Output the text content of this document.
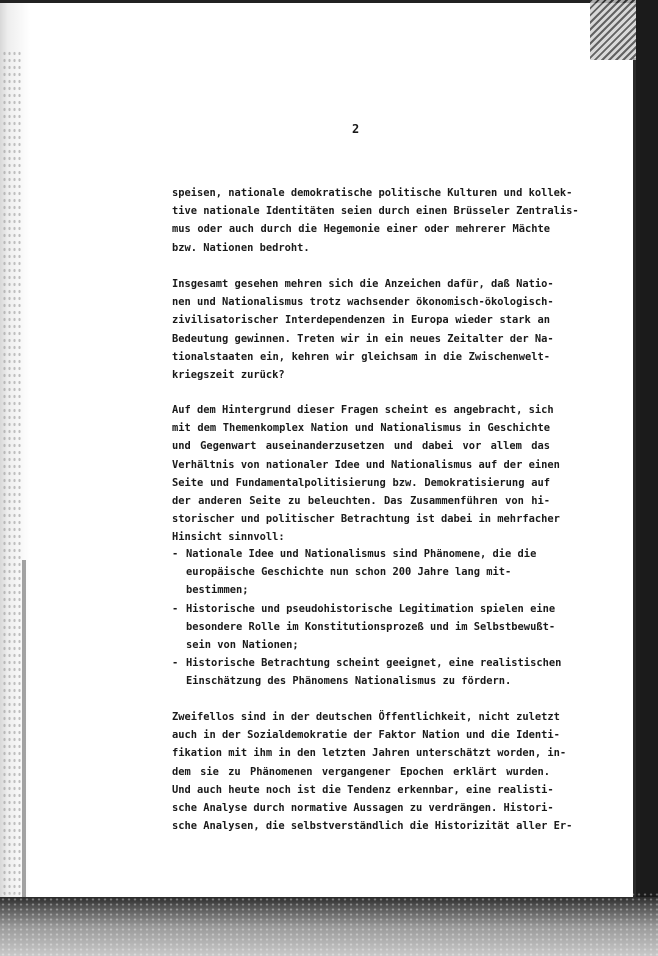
2
speisen, nationale demokratische politische Kulturen und kollek-
tive nationale Identitäten seien durch einen Brüsseler Zentralis-
mus oder auch durch die Hegemonie einer oder mehrerer Mächte
bzw. Nationen bedroht.
Insgesamt gesehen mehren sich die Anzeichen dafür, daß Natio-
nen und Nationalismus trotz wachsender ökonomisch-ökologisch-
zivilisatorischer Interdependenzen in Europa wieder stark an
Bedeutung gewinnen. Treten wir in ein neues Zeitalter der Na-
tionalstaaten ein, kehren wir gleichsam in die Zwischenwelt-
kriegszeit zurück?
Auf dem Hintergrund dieser Fragen scheint es angebracht, sich
mit dem Themenkomplex Nation und Nationalismus in Geschichte
und Gegenwart auseinanderzusetzen und dabei vor allem das
Verhältnis von nationaler Idee und Nationalismus auf der einen
Seite und Fundamentalpolitisierung bzw. Demokratisierung auf
der anderen Seite zu beleuchten. Das Zusammenführen von hi-
storischer und politischer Betrachtung ist dabei in mehrfacher
Hinsicht sinnvoll:
- Nationale Idee und Nationalismus sind Phänomene, die die
europäische Geschichte nun schon 200 Jahre lang mit-
bestimmen;
- Historische und pseudohistorische Legitimation spielen eine
besondere Rolle im Konstitutionsprozeß und im Selbstbewußt-
sein von Nationen;
- Historische Betrachtung scheint geeignet, eine realistischen
Einschätzung des Phänomens Nationalismus zu fördern.
Zweifellos sind in der deutschen Öffentlichkeit, nicht zuletzt
auch in der Sozialdemokratie der Faktor Nation und die Identi-
fikation mit ihm in den letzten Jahren unterschätzt worden, in-
dem sie zu Phänomenen vergangener Epochen erklärt wurden.
Und auch heute noch ist die Tendenz erkennbar, eine realisti-
sche Analyse durch normative Aussagen zu verdrängen. Histori-
sche Analysen, die selbstverständlich die Historizität aller Er-
